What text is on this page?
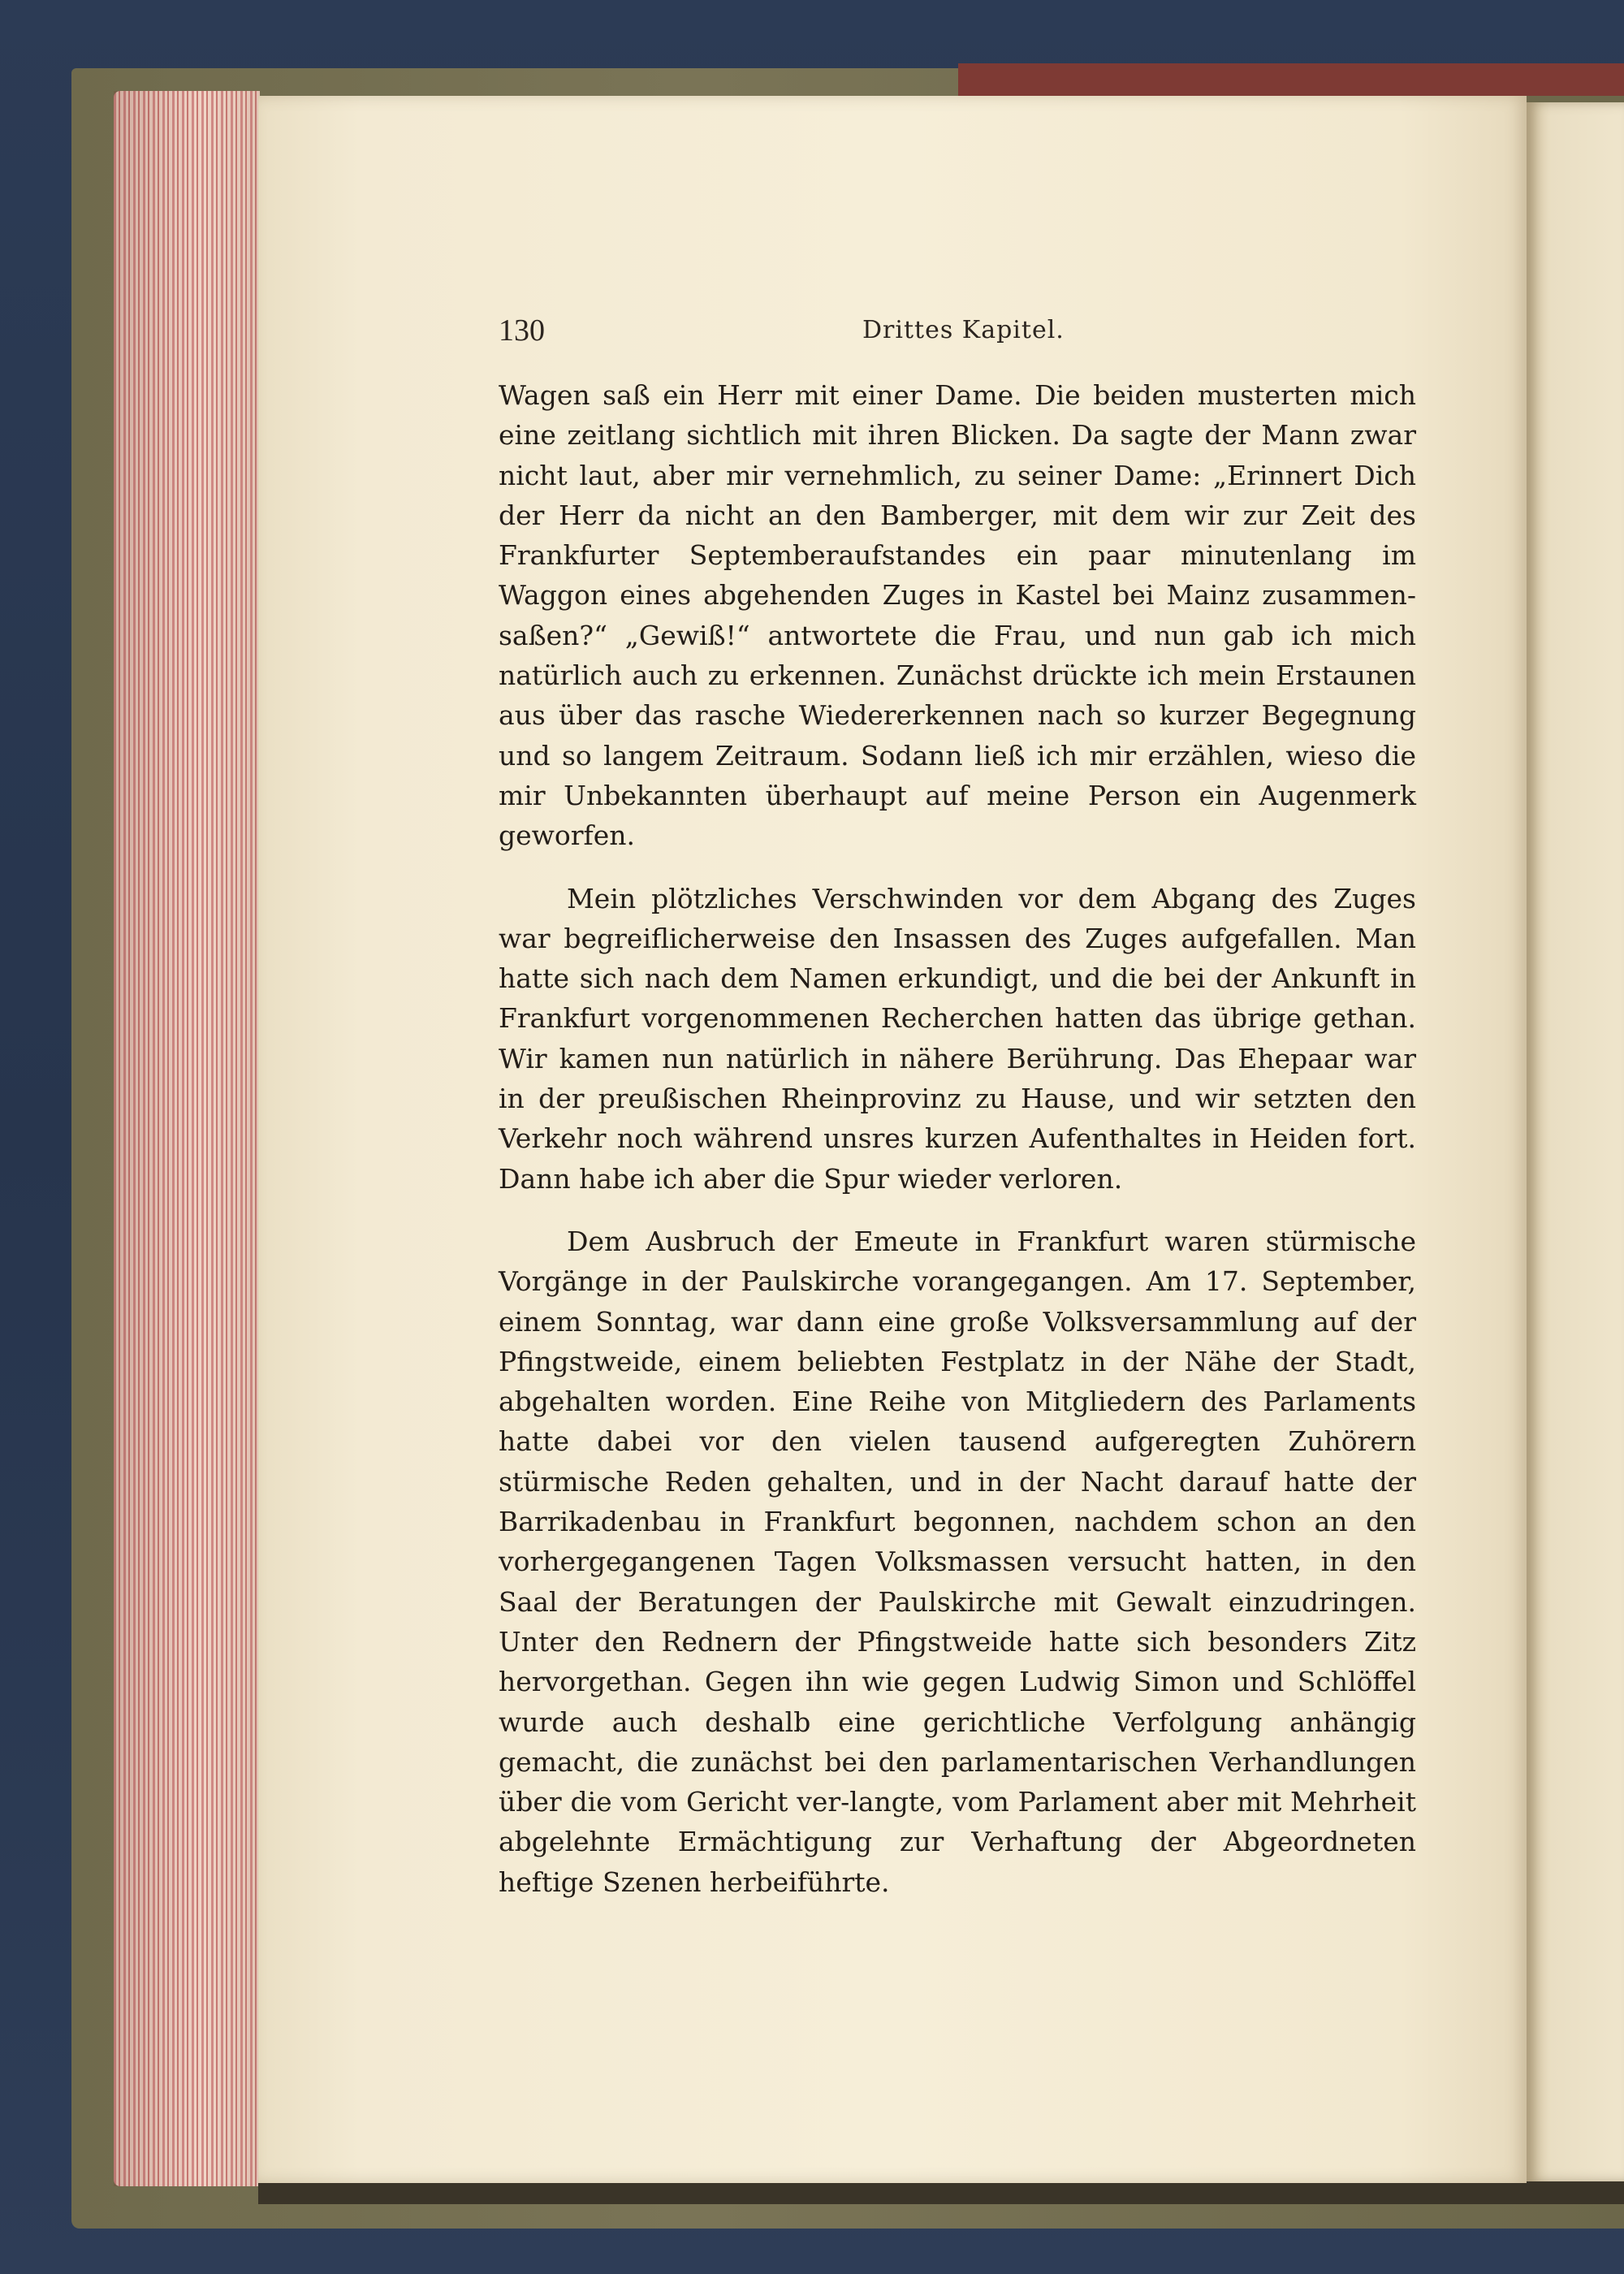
130	Drittes Kapitel.

Wagen saß ein Herr mit einer Dame. Die beiden musterten mich eine zeitlang sichtlich mit ihren Blicken. Da sagte der Mann zwar nicht laut, aber mir vernehmlich, zu seiner Dame: „Erinnert Dich der Herr da nicht an den Bamberger, mit dem wir zur Zeit des Frankfurter Septemberaufstandes ein paar minutenlang im Waggon eines abgehenden Zuges in Kastel bei Mainz zusammen-saßen?“ „Gewiß!“ antwortete die Frau, und nun gab ich mich natürlich auch zu erkennen. Zunächst drückte ich mein Erstaunen aus über das rasche Wiedererkennen nach so kurzer Begegnung und so langem Zeitraum. Sodann ließ ich mir erzählen, wieso die mir Unbekannten überhaupt auf meine Person ein Augenmerk geworfen.

Mein plötzliches Verschwinden vor dem Abgang des Zuges war begreiflicherweise den Insassen des Zuges aufgefallen. Man hatte sich nach dem Namen erkundigt, und die bei der Ankunft in Frankfurt vorgenommenen Recherchen hatten das übrige gethan. Wir kamen nun natürlich in nähere Berührung. Das Ehepaar war in der preußischen Rheinprovinz zu Hause, und wir setzten den Verkehr noch während unsres kurzen Aufenthaltes in Heiden fort. Dann habe ich aber die Spur wieder verloren.

Dem Ausbruch der Emeute in Frankfurt waren stürmische Vorgänge in der Paulskirche vorangegangen. Am 17. September, einem Sonntag, war dann eine große Volksversammlung auf der Pfingstweide, einem beliebten Festplatz in der Nähe der Stadt, abgehalten worden. Eine Reihe von Mitgliedern des Parlaments hatte dabei vor den vielen tausend aufgeregten Zuhörern stürmische Reden gehalten, und in der Nacht darauf hatte der Barrikadenbau in Frankfurt begonnen, nachdem schon an den vorhergegangenen Tagen Volksmassen versucht hatten, in den Saal der Beratungen der Paulskirche mit Gewalt einzudringen. Unter den Rednern der Pfingstweide hatte sich besonders Zitz hervorgethan. Gegen ihn wie gegen Ludwig Simon und Schlöffel wurde auch deshalb eine gerichtliche Verfolgung anhängig gemacht, die zunächst bei den parlamentarischen Verhandlungen über die vom Gericht ver-langte, vom Parlament aber mit Mehrheit abgelehnte Ermächtigung zur Verhaftung der Abgeordneten heftige Szenen herbeiführte.
